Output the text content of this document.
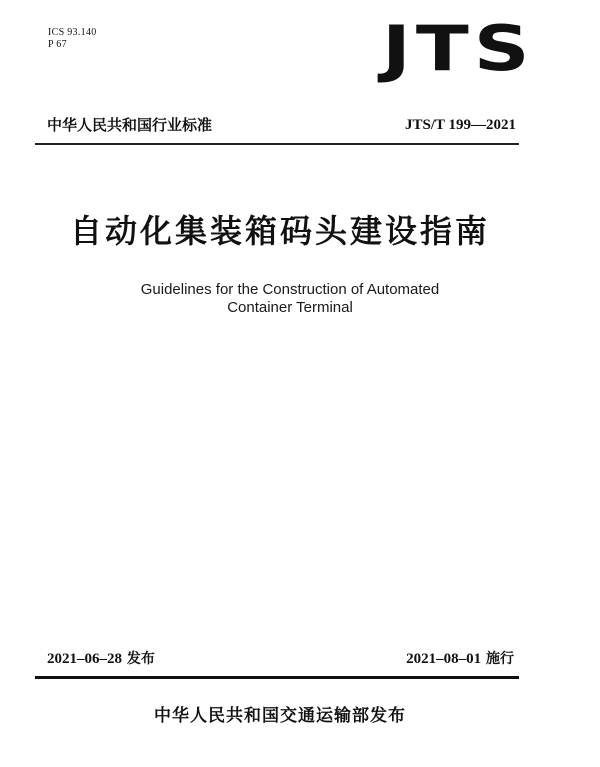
ICS 93.140
P 67	JTS
中华人民共和国行业标准	JTS/T 199—2021
自动化集装箱码头建设指南
Guidelines for the Construction of Automated
Container Terminal
2021–06–28 发布	2021–08–01 施行
中华人民共和国交通运输部发布
